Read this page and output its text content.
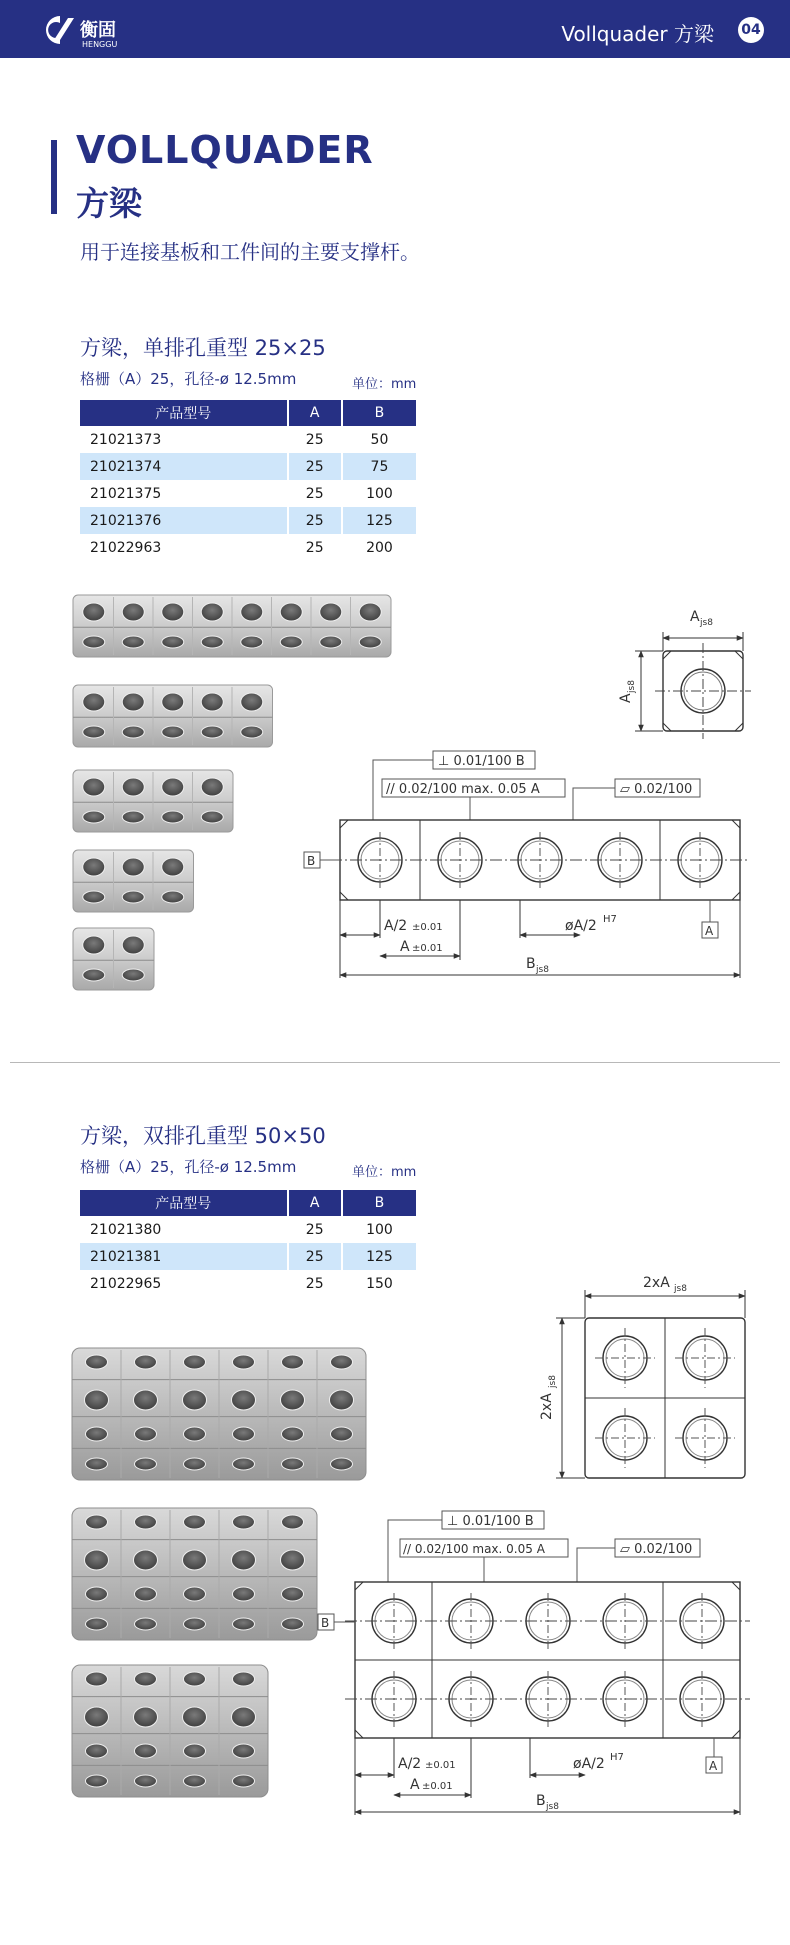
衡固
HENGGU	Vollquader 方梁 04
VOLLQUADER
方梁
用于连接基板和工件间的主要支撑杆。
方梁，单排孔重型 25×25
格栅（A）25，孔径-ø 12.5mm	单位：mm
产品型号	A	B
21021373	25	50
21021374	25	75
21021375	25	100
21021376	25	125
21022963	25	200
方梁，双排孔重型 50×50
格栅（A）25，孔径-ø 12.5mm	单位：mm
产品型号	A	B
21021380	25	100
21021381	25	125
21022965	25	150
A js8
A
js8
⊥ 0.01/100 B
// 0.02/100 max. 0.05 A	▱ 0.02/100
B
A
A/2 ±0.01
A ±0.01
øA/2 H7
B js8
2xA js8
2xA
js8
⊥ 0.01/100 B
// 0.02/100 max. 0.05 A	▱ 0.02/100
B
A
A/2 ±0.01
A ±0.01
øA/2 H7
B js8
